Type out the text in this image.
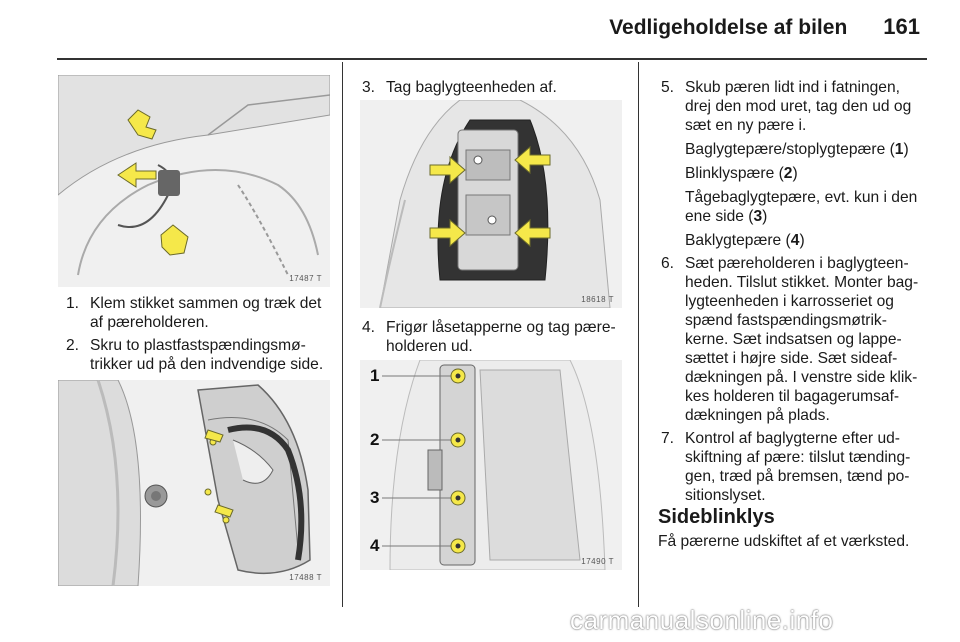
Vedligeholdelse af bilen 161
17487 T
17488 T
18618 T
1
2
3
4
17490 T
1. Klem stikket sammen og træk det af pæreholderen.
2. Skru to plastfastspændingsmø-trikker ud på den indvendige side.
3. Tag baglygteenheden af.
4. Frigør låsetapperne og tag pære-holderen ud.
5. Skub pæren lidt ind i fatningen, drej den mod uret, tag den ud og sæt en ny pære i.
Baglygtepære/stoplygtepære (1)
Blinklyspære (2)
Tågebaglygtepære, evt. kun i den ene side (3)
Baklygtepære (4)
6. Sæt pæreholderen i baglygteen-heden. Tilslut stikket. Monter bag-lygteenheden i karrosseriet og spænd fastspændingsmøtrik-kerne. Sæt indsatsen og lappe-sættet i højre side. Sæt sideaf-dækningen på. I venstre side klik-kes holderen til bagagerumsaf-dækningen på plads.
7. Kontrol af baglygterne efter ud-skiftning af pære: tilslut tænding-gen, træd på bremsen, tænd po-sitionslyset.
Sideblinklys
Få pærerne udskiftet af et værksted.
carmanualsonline.info
